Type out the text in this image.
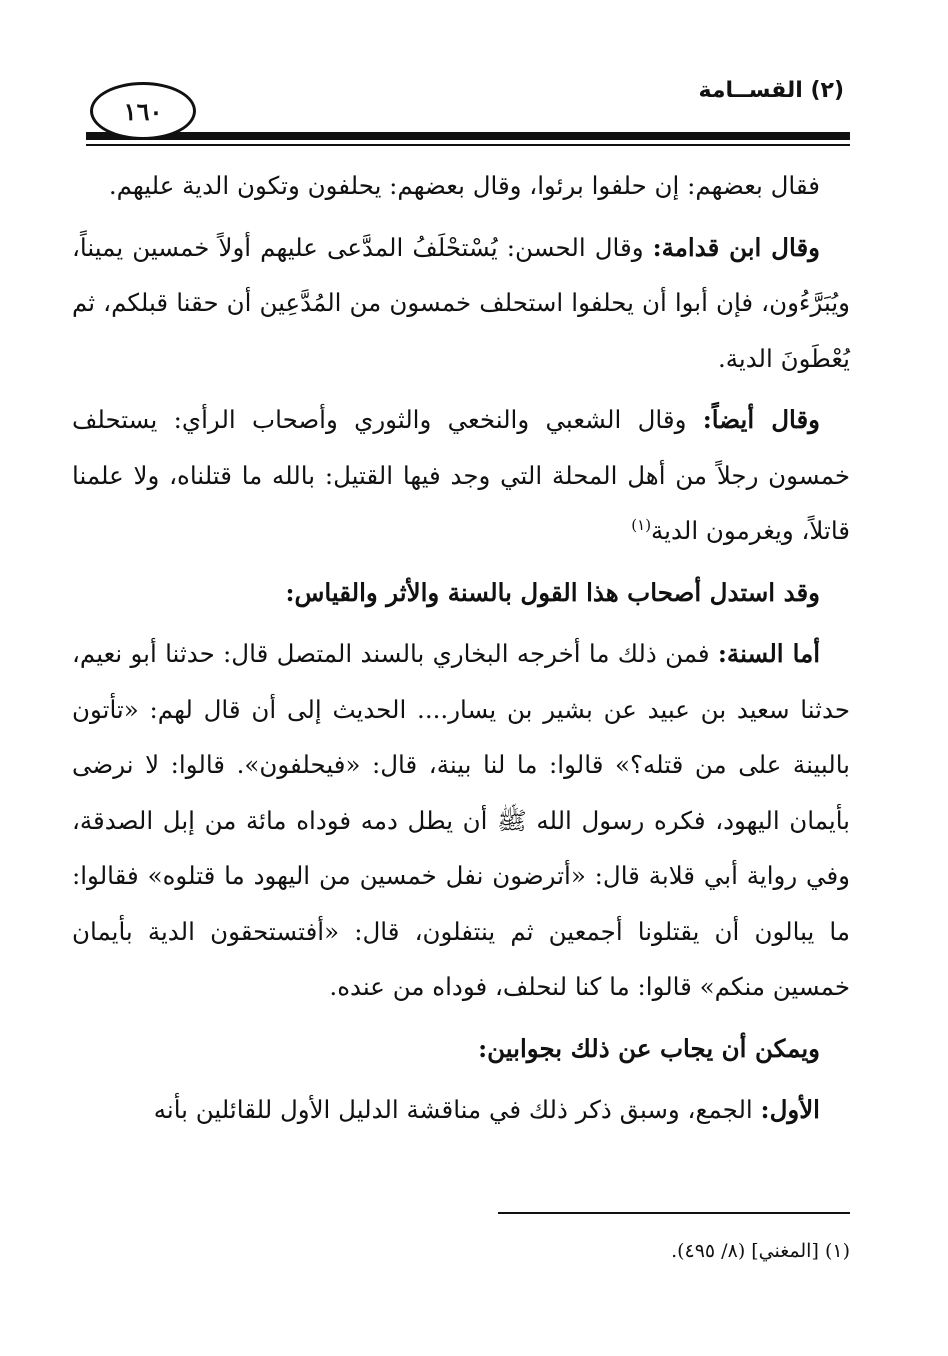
١٦٠
(٢) القســامة

فقال بعضهم: إن حلفوا برئوا، وقال بعضهم: يحلفون وتكون الدية عليهم.

وقال ابن قدامة: وقال الحسن: يُسْتحْلَفُ المدَّعى عليهم أولاً خمسين يميناً، ويُبَرَّءُون، فإن أبوا أن يحلفوا استحلف خمسون من المُدَّعِين أن حقنا قبلكم، ثم يُعْطَونَ الدية.

وقال أيضاً: وقال الشعبي والنخعي والثوري وأصحاب الرأي: يستحلف خمسون رجلاً من أهل المحلة التي وجد فيها القتيل: بالله ما قتلناه، ولا علمنا قاتلاً، ويغرمون الدية$^{(١)}$

وقد استدل أصحاب هذا القول بالسنة والأثر والقياس:

أما السنة: فمن ذلك ما أخرجه البخاري بالسند المتصل قال: حدثنا أبو نعيم، حدثنا سعيد بن عبيد عن بشير بن يسار.... الحديث إلى أن قال لهم: «تأتون بالبينة على من قتله؟» قالوا: ما لنا بينة، قال: «فيحلفون». قالوا: لا نرضى بأيمان اليهود، فكره رسول الله ﷺ أن يطل دمه فوداه مائة من إبل الصدقة، وفي رواية أبي قلابة قال: «أترضون نفل خمسين من اليهود ما قتلوه» فقالوا: ما يبالون أن يقتلونا أجمعين ثم ينتفلون، قال: «أفتستحقون الدية بأيمان خمسين منكم» قالوا: ما كنا لنحلف، فوداه من عنده.

ويمكن أن يجاب عن ذلك بجوابين:

الأول: الجمع، وسبق ذكر ذلك في مناقشة الدليل الأول للقائلين بأنه

(١) [المغني] (٨/ ٤٩٥).
